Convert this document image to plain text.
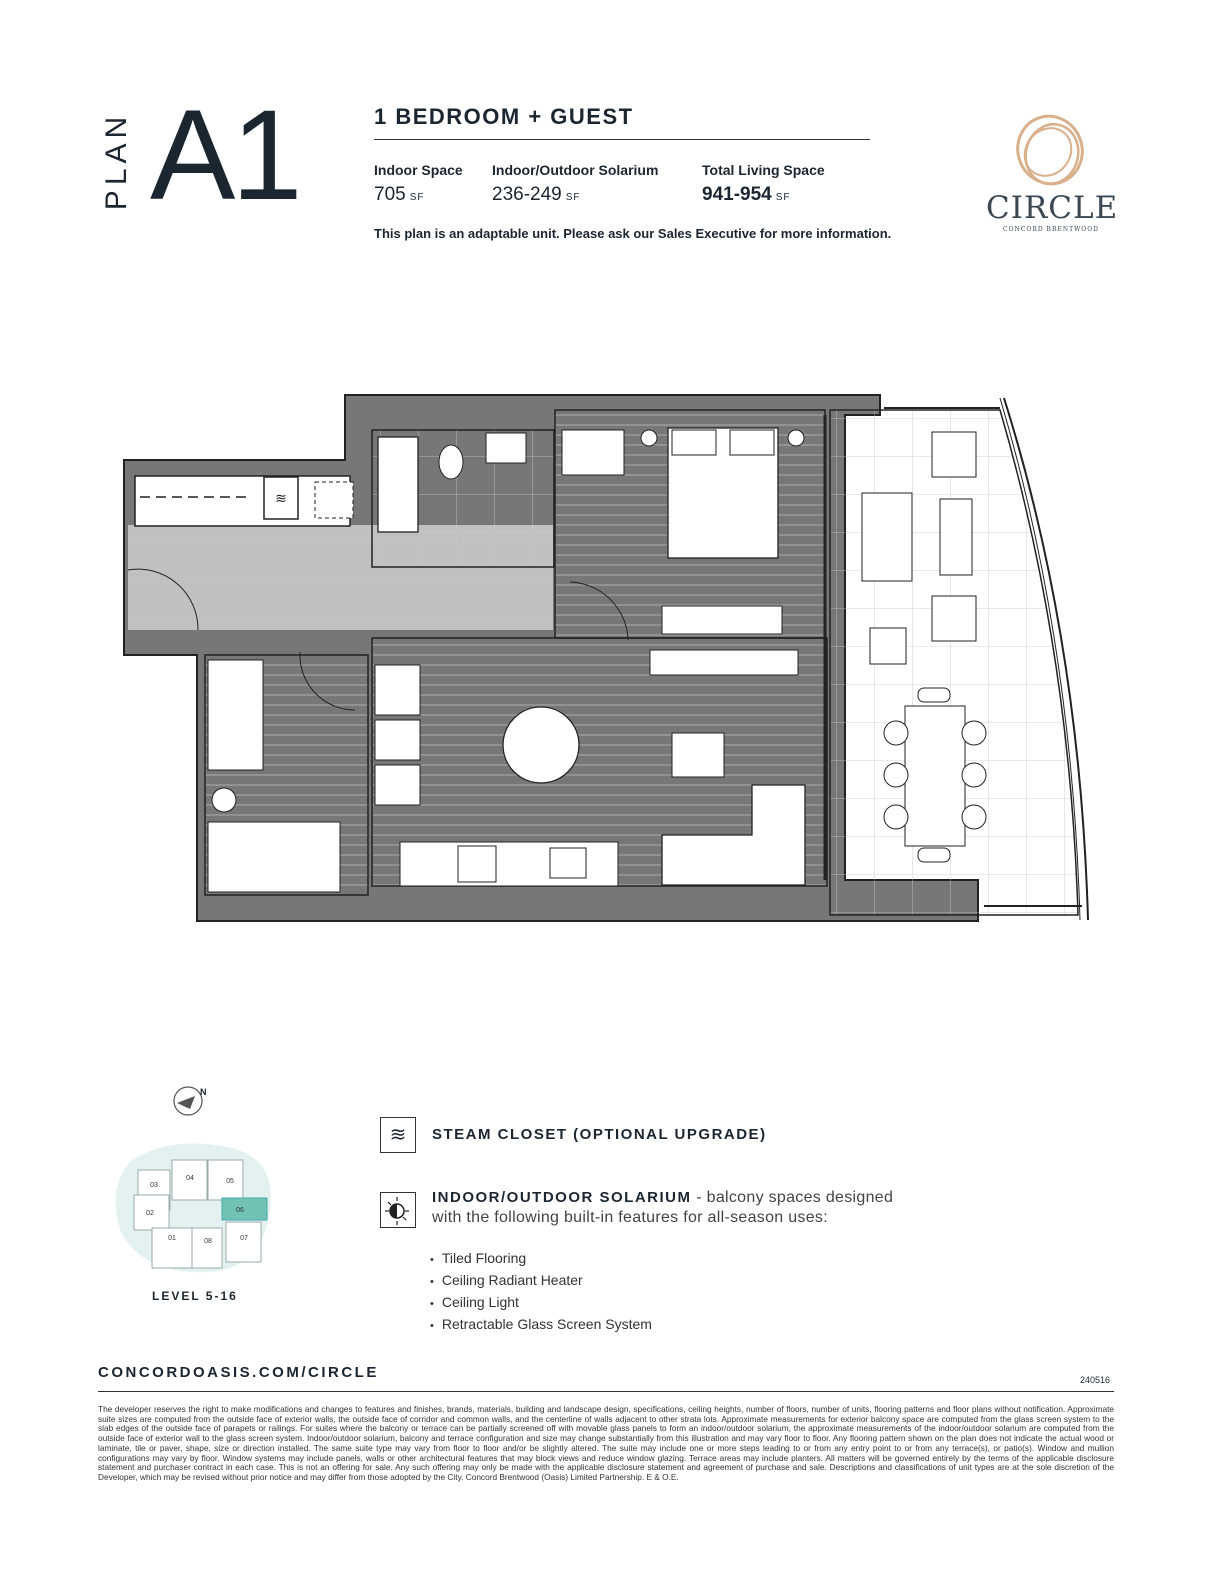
PLAN A1	1 BEDROOM + GUEST
Indoor Space
705 SF
Indoor/Outdoor Solarium
236-249 SF
Total Living Space
941-954 SF
This plan is an adaptable unit. Please ask our Sales Executive for more information.
CIRCLE
CONCORD BRENTWOOD
≋
N
03
04	05
02	06
01	08	07
LEVEL 5-16
≋	STEAM CLOSET (OPTIONAL UPGRADE)
INDOOR/OUTDOOR SOLARIUM - balcony spaces designed
with the following built-in features for all-season uses:
• Tiled Flooring
• Ceiling Radiant Heater
• Ceiling Light
• Retractable Glass Screen System
CONCORDOASIS.COM/CIRCLE	240516
The developer reserves the right to make modifications and changes to features and finishes, brands, materials, building and landscape design, specifications, ceiling heights, number of floors, number of units, flooring patterns and floor plans without notification. Approximate suite sizes are computed from the outside face of exterior walls, the outside face of corridor and common walls, and the centerline of walls adjacent to other strata lots. Approximate measurements for exterior balcony space are computed from the glass screen system to the slab edges of the outside face of parapets or railings. For suites where the balcony or terrace can be partially screened off with movable glass panels to form an indoor/outdoor solarium, the approximate measurements of the indoor/outdoor solarium are computed from the outside face of exterior wall to the glass screen system. Indoor/outdoor solarium, balcony and terrace configuration and size may change substantially from this illustration and may vary floor to floor. Any flooring pattern shown on the plan does not indicate the actual wood or laminate, tile or paver, shape, size or direction installed. The same suite type may vary from floor to floor and/or be slightly altered. The suite may include one or more steps leading to or from any entry point to or from any terrace(s), or patio(s). Window and mullion configurations may vary by floor. Window systems may include panels, walls or other architectural features that may block views and reduce window glazing. Terrace areas may include planters. All matters will be governed entirely by the terms of the applicable disclosure statement and purchaser contract in each case. This is not an offering for sale. Any such offering may only be made with the applicable disclosure statement and agreement of purchase and sale. Descriptions and classifications of unit types are at the sole discretion of the Developer, which may be revised without prior notice and may differ from those adopted by the City. Concord Brentwood (Oasis) Limited Partnership. E & O.E.
